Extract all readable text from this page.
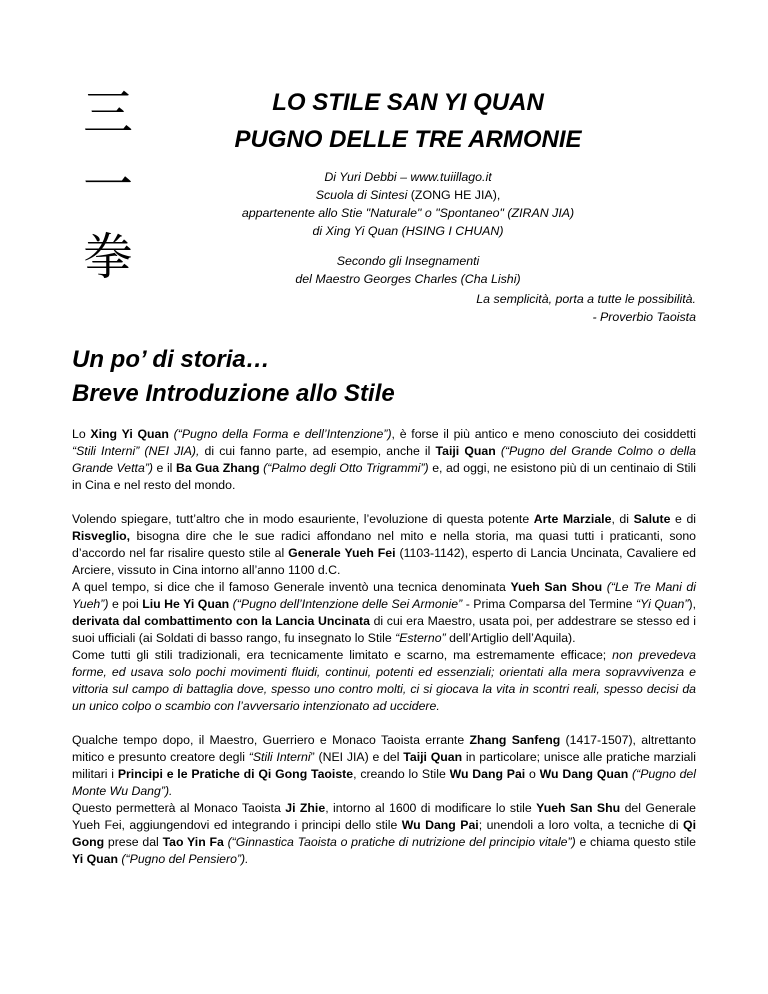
三
一
拳
LO STILE SAN YI QUAN
PUGNO DELLE TRE ARMONIE
Di Yuri Debbi – www.tuiillago.it
Scuola di Sintesi (ZONG HE JIA),
appartenente allo Stie "Naturale" o "Spontaneo" (ZIRAN JIA)
di Xing Yi Quan (HSING I CHUAN)
Secondo gli Insegnamenti
del Maestro Georges Charles (Cha Lishi)
La semplicità, porta a tutte le possibilità.
- Proverbio Taoista
Un po’ di storia…
Breve Introduzione allo Stile

Lo Xing Yi Quan (“Pugno della Forma e dell’Intenzione”), è forse il più antico e meno conosciuto dei cosiddetti “Stili Interni” (NEI JIA), di cui fanno parte, ad esempio, anche il Taiji Quan (“Pugno del Grande Colmo o della Grande Vetta”) e il Ba Gua Zhang (“Palmo degli Otto Trigrammi”) e, ad oggi, ne esistono più di un centinaio di Stili in Cina e nel resto del mondo.

Volendo spiegare, tutt’altro che in modo esauriente, l’evoluzione di questa potente Arte Marziale, di Salute e di Risveglio, bisogna dire che le sue radici affondano nel mito e nella storia, ma quasi tutti i praticanti, sono d’accordo nel far risalire questo stile al Generale Yueh Fei (1103-1142), esperto di Lancia Uncinata, Cavaliere ed Arciere, vissuto in Cina intorno all’anno 1100 d.C.

A quel tempo, si dice che il famoso Generale inventò una tecnica denominata Yueh San Shou (“Le Tre Mani di Yueh”) e poi Liu He Yi Quan (“Pugno dell’Intenzione delle Sei Armonie” - Prima Comparsa del Termine “Yi Quan”), derivata dal combattimento con la Lancia Uncinata di cui era Maestro, usata poi, per addestrare se stesso ed i suoi ufficiali (ai Soldati di basso rango, fu insegnato lo Stile “Esterno” dell’Artiglio dell’Aquila).

Come tutti gli stili tradizionali, era tecnicamente limitato e scarno, ma estremamente efficace; non prevedeva forme, ed usava solo pochi movimenti fluidi, continui, potenti ed essenziali; orientati alla mera sopravvivenza e vittoria sul campo di battaglia dove, spesso uno contro molti, ci si giocava la vita in scontri reali, spesso decisi da un unico colpo o scambio con l’avversario intenzionato ad uccidere.

Qualche tempo dopo, il Maestro, Guerriero e Monaco Taoista errante Zhang Sanfeng (1417-1507), altrettanto mitico e presunto creatore degli “Stili Interni” (NEI JIA) e del Taiji Quan in particolare; unisce alle pratiche marziali militari i Principi e le Pratiche di Qi Gong Taoiste, creando lo Stile Wu Dang Pai o Wu Dang Quan (“Pugno del Monte Wu Dang”).

Questo permetterà al Monaco Taoista Ji Zhie, intorno al 1600 di modificare lo stile Yueh San Shu del Generale Yueh Fei, aggiungendovi ed integrando i principi dello stile Wu Dang Pai; unendoli a loro volta, a tecniche di Qi Gong prese dal Tao Yin Fa (“Ginnastica Taoista o pratiche di nutrizione del principio vitale”) e chiama questo stile Yi Quan (“Pugno del Pensiero”).
